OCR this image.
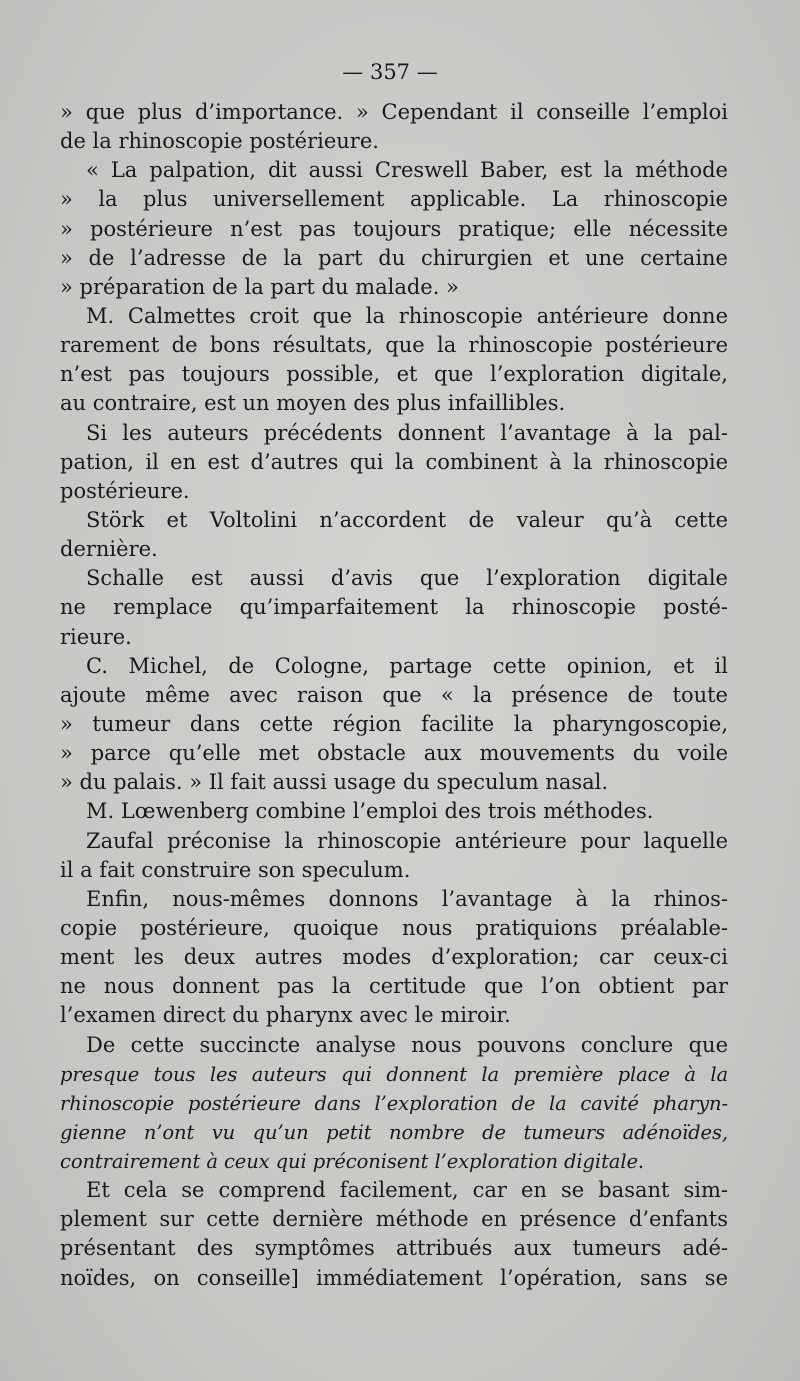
— 357 —
» que plus d’importance. » Cependant il conseille l’emploi
de la rhinoscopie postérieure.
« La palpation, dit aussi Creswell Baber, est la méthode
» la plus universellement applicable. La rhinoscopie
» postérieure n’est pas toujours pratique; elle nécessite
» de l’adresse de la part du chirurgien et une certaine
» préparation de la part du malade. »
M. Calmettes croit que la rhinoscopie antérieure donne
rarement de bons résultats, que la rhinoscopie postérieure
n’est pas toujours possible, et que l’exploration digitale,
au contraire, est un moyen des plus infaillibles.
Si les auteurs précédents donnent l’avantage à la pal-
pation, il en est d’autres qui la combinent à la rhinoscopie
postérieure.
Störk et Voltolini n’accordent de valeur qu’à cette
dernière.
Schalle est aussi d’avis que l’exploration digitale
ne remplace qu’imparfaitement la rhinoscopie posté-
rieure.
C. Michel, de Cologne, partage cette opinion, et il
ajoute même avec raison que « la présence de toute
» tumeur dans cette région facilite la pharyngoscopie,
» parce qu’elle met obstacle aux mouvements du voile
» du palais. » Il fait aussi usage du speculum nasal.
M. Lœwenberg combine l’emploi des trois méthodes.
Zaufal préconise la rhinoscopie antérieure pour laquelle
il a fait construire son speculum.
Enfin, nous-mêmes donnons l’avantage à la rhinos-
copie postérieure, quoique nous pratiquions préalable-
ment les deux autres modes d’exploration; car ceux-ci
ne nous donnent pas la certitude que l’on obtient par
l’examen direct du pharynx avec le miroir.
De cette succincte analyse nous pouvons conclure que
presque tous les auteurs qui donnent la première place à la
rhinoscopie postérieure dans l’exploration de la cavité pharyn-
gienne n’ont vu qu’un petit nombre de tumeurs adénoïdes,
contrairement à ceux qui préconisent l’exploration digitale.
Et cela se comprend facilement, car en se basant sim-
plement sur cette dernière méthode en présence d’enfants
présentant des symptômes attribués aux tumeurs adé-
noïdes, on conseille] immédiatement l’opération, sans se
